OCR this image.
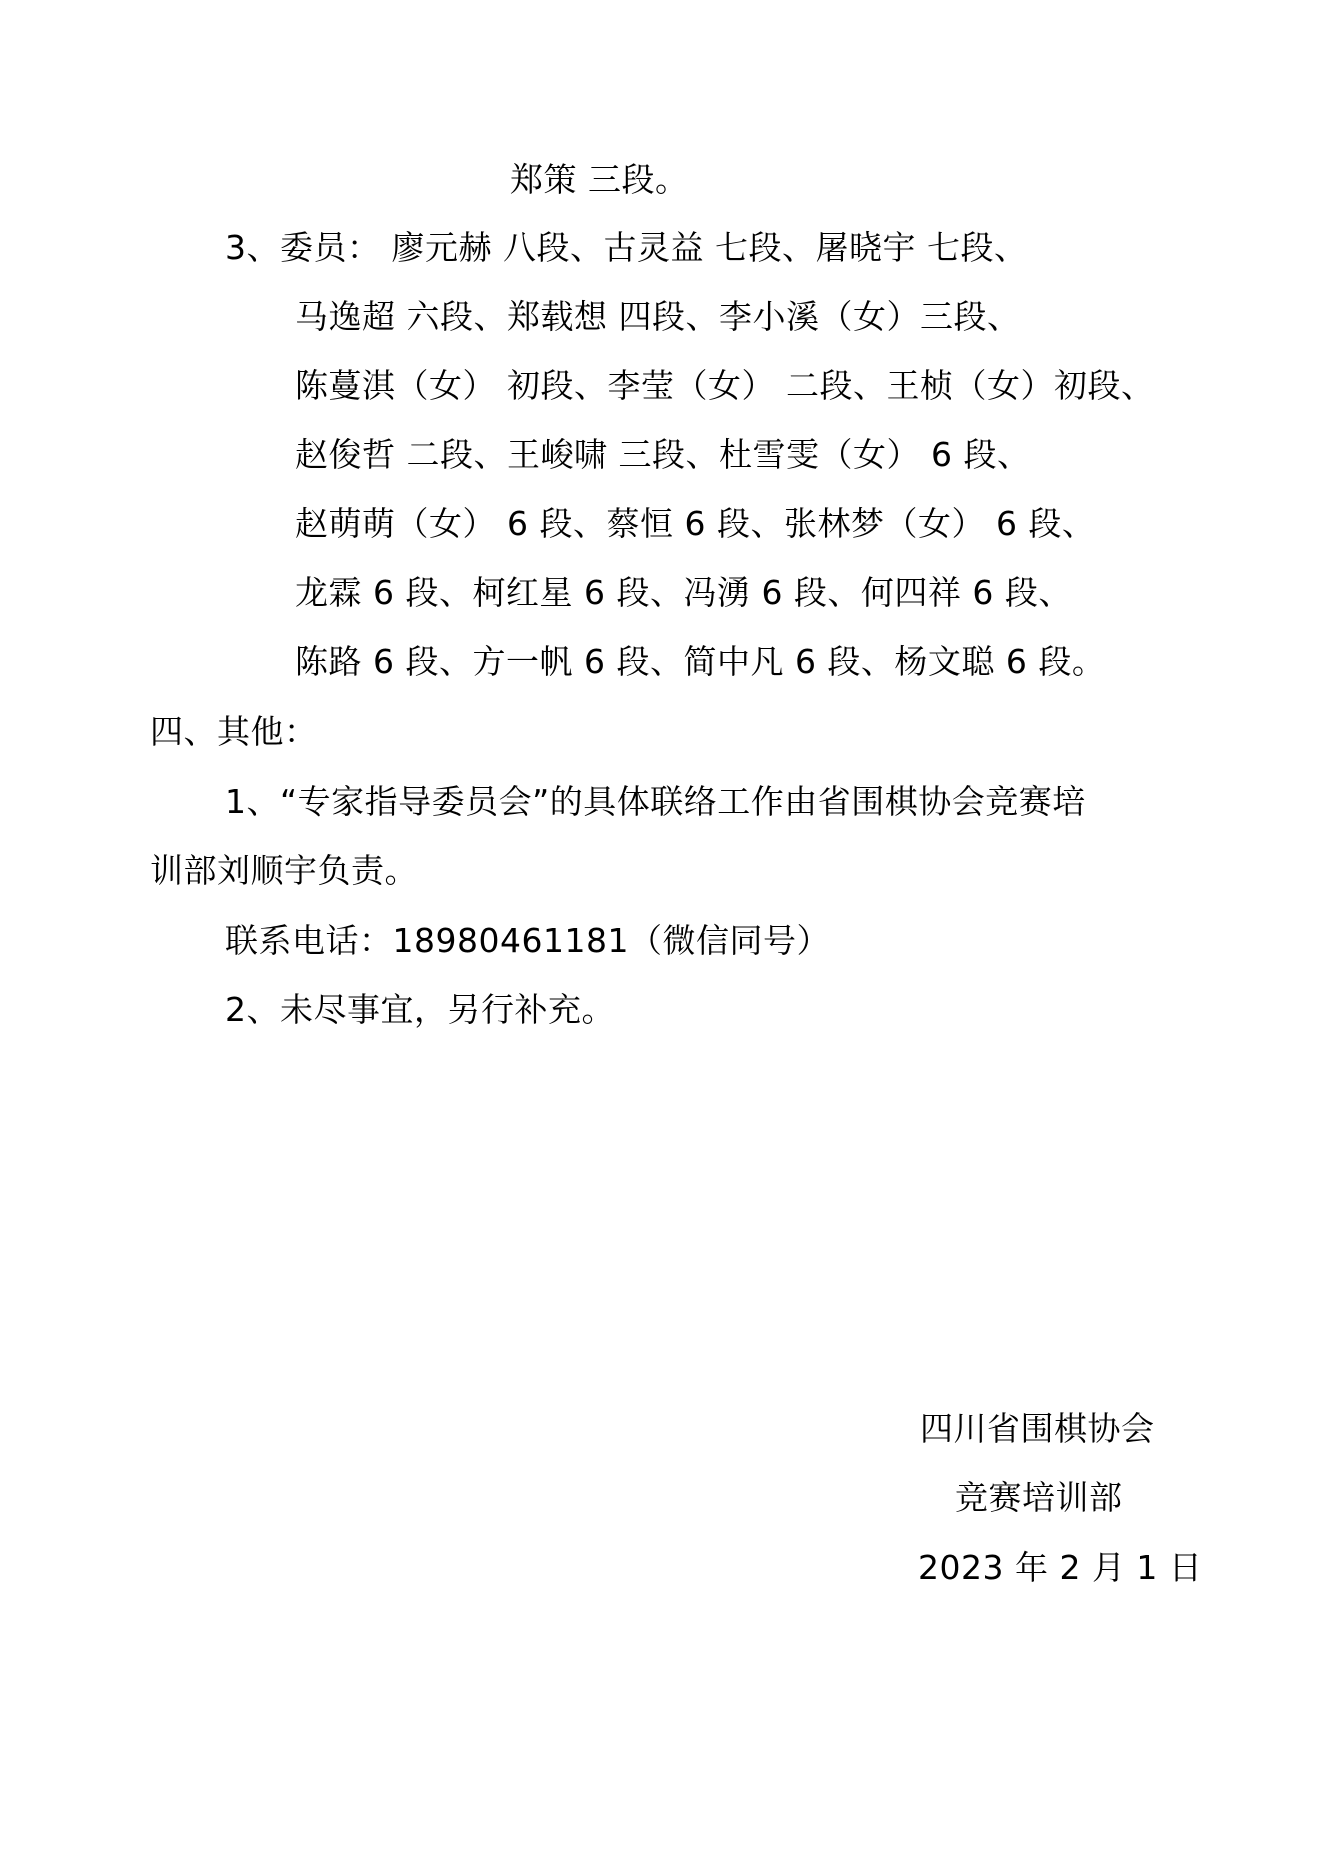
郑策 三段。
3、委员： 廖元赫 八段、古灵益 七段、屠晓宇 七段、
马逸超 六段、郑载想 四段、李小溪（女）三段、
陈蔓淇（女） 初段、李莹（女） 二段、王桢（女）初段、
赵俊哲 二段、王峻啸 三段、杜雪雯（女） 6 段、
赵萌萌（女） 6 段、蔡恒 6 段、张林梦（女） 6 段、
龙霖 6 段、柯红星 6 段、冯湧 6 段、何四祥 6 段、
陈路 6 段、方一帆 6 段、简中凡 6 段、杨文聪 6 段。
四、其他：
1、“专家指导委员会”的具体联络工作由省围棋协会竞赛培
训部刘顺宇负责。
联系电话：18980461181（微信同号）
2、未尽事宜，另行补充。
四川省围棋协会
竞赛培训部
2023 年 2 月 1 日
